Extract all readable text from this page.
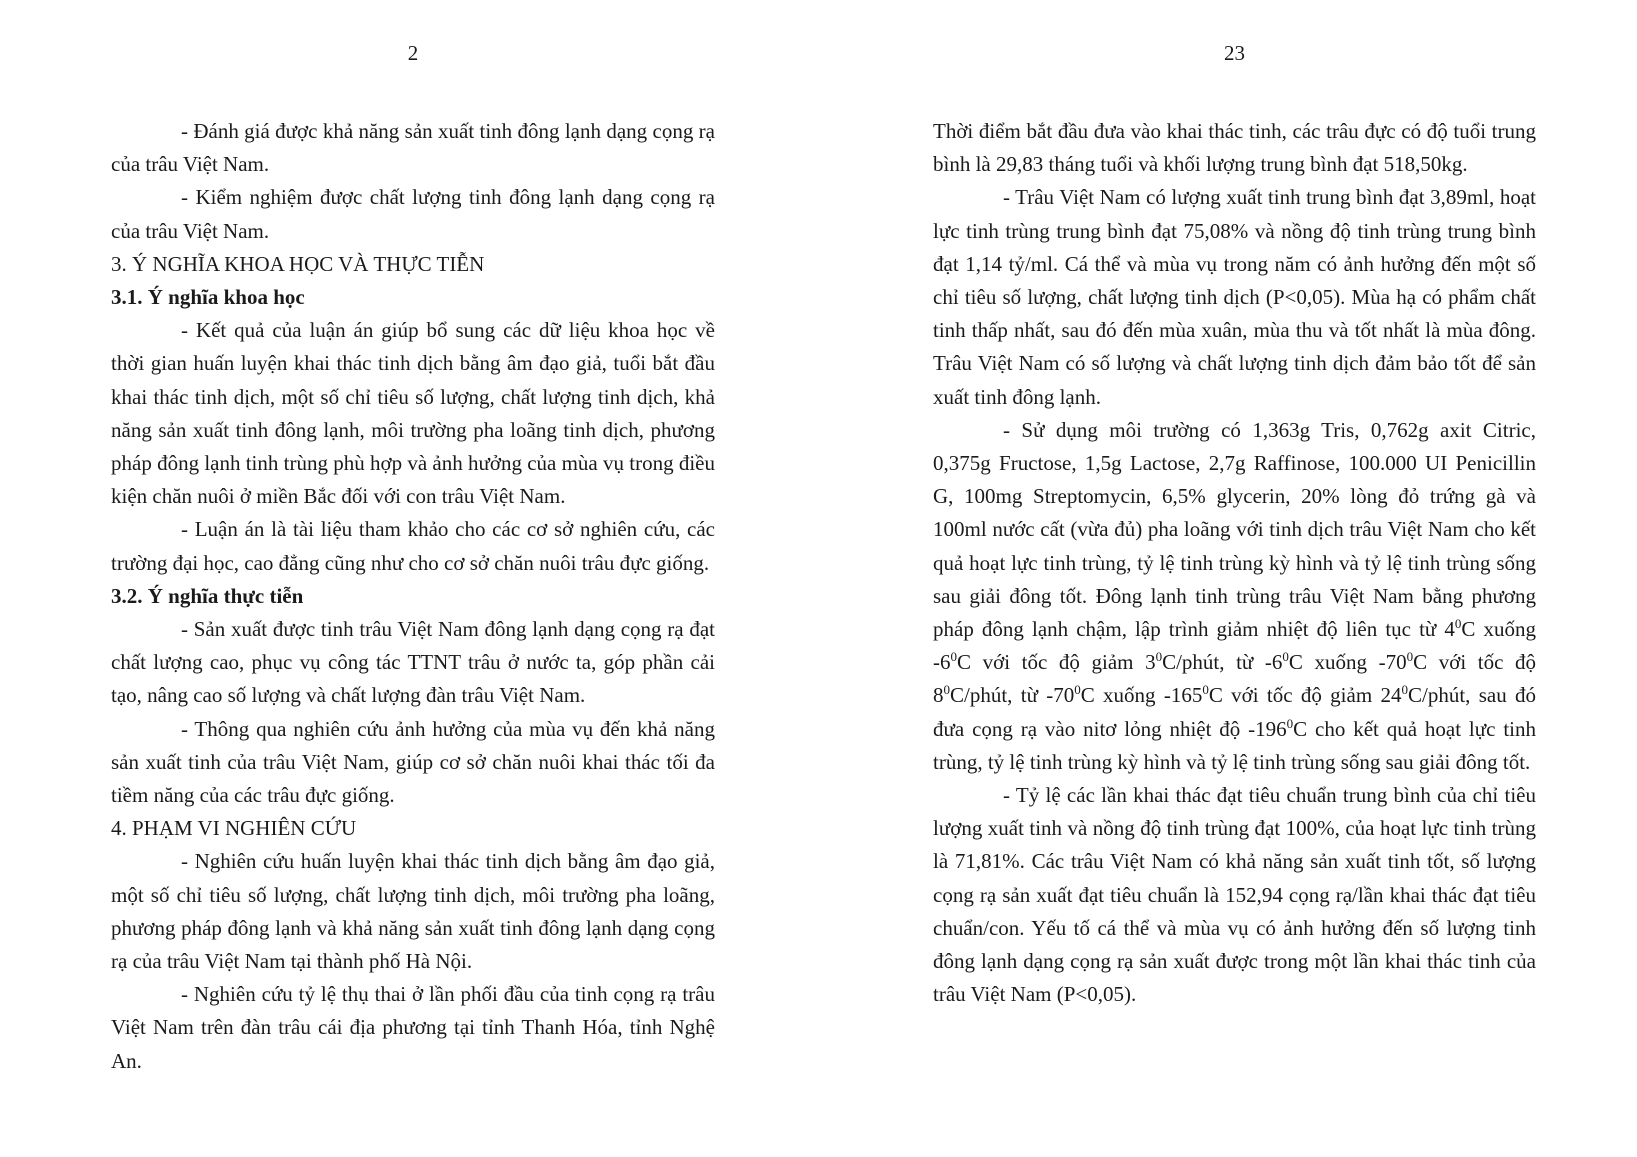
2

- Đánh giá được khả năng sản xuất tinh đông lạnh dạng cọng rạ của trâu Việt Nam.

- Kiểm nghiệm được chất lượng tinh đông lạnh dạng cọng rạ của trâu Việt Nam.

3. Ý NGHĨA KHOA HỌC VÀ THỰC TIỄN

3.1. Ý nghĩa khoa học

- Kết quả của luận án giúp bổ sung các dữ liệu khoa học về thời gian huấn luyện khai thác tinh dịch bằng âm đạo giả, tuổi bắt đầu khai thác tinh dịch, một số chỉ tiêu số lượng, chất lượng tinh dịch, khả năng sản xuất tinh đông lạnh, môi trường pha loãng tinh dịch, phương pháp đông lạnh tinh trùng phù hợp và ảnh hưởng của mùa vụ trong điều kiện chăn nuôi ở miền Bắc đối với con trâu Việt Nam.

- Luận án là tài liệu tham khảo cho các cơ sở nghiên cứu, các trường đại học, cao đẳng cũng như cho cơ sở chăn nuôi trâu đực giống.

3.2. Ý nghĩa thực tiễn

- Sản xuất được tinh trâu Việt Nam đông lạnh dạng cọng rạ đạt chất lượng cao, phục vụ công tác TTNT trâu ở nước ta, góp phần cải tạo, nâng cao số lượng và chất lượng đàn trâu Việt Nam.

- Thông qua nghiên cứu ảnh hưởng của mùa vụ đến khả năng sản xuất tinh của trâu Việt Nam, giúp cơ sở chăn nuôi khai thác tối đa tiềm năng của các trâu đực giống.

4. PHẠM VI NGHIÊN CỨU

- Nghiên cứu huấn luyện khai thác tinh dịch bằng âm đạo giả, một số chỉ tiêu số lượng, chất lượng tinh dịch, môi trường pha loãng, phương pháp đông lạnh và khả năng sản xuất tinh đông lạnh dạng cọng rạ của trâu Việt Nam tại thành phố Hà Nội.

- Nghiên cứu tỷ lệ thụ thai ở lần phối đầu của tinh cọng rạ trâu Việt Nam trên đàn trâu cái địa phương tại tỉnh Thanh Hóa, tỉnh Nghệ An.

23

Thời điểm bắt đầu đưa vào khai thác tinh, các trâu đực có độ tuổi trung bình là 29,83 tháng tuổi và khối lượng trung bình đạt 518,50kg.

- Trâu Việt Nam có lượng xuất tinh trung bình đạt 3,89ml, hoạt lực tinh trùng trung bình đạt 75,08% và nồng độ tinh trùng trung bình đạt 1,14 tỷ/ml. Cá thể và mùa vụ trong năm có ảnh hưởng đến một số chỉ tiêu số lượng, chất lượng tinh dịch (P<0,05). Mùa hạ có phẩm chất tinh thấp nhất, sau đó đến mùa xuân, mùa thu và tốt nhất là mùa đông. Trâu Việt Nam có số lượng và chất lượng tinh dịch đảm bảo tốt để sản xuất tinh đông lạnh.

- Sử dụng môi trường có 1,363g Tris, 0,762g axit Citric, 0,375g Fructose, 1,5g Lactose, 2,7g Raffinose, 100.000 UI Penicillin G, 100mg Streptomycin, 6,5% glycerin, 20% lòng đỏ trứng gà và 100ml nước cất (vừa đủ) pha loãng với tinh dịch trâu Việt Nam cho kết quả hoạt lực tinh trùng, tỷ lệ tinh trùng kỳ hình và tỷ lệ tinh trùng sống sau giải đông tốt. Đông lạnh tinh trùng trâu Việt Nam bằng phương pháp đông lạnh chậm, lập trình giảm nhiệt độ liên tục từ $4^0C$ xuống $-6^0C$ với tốc độ giảm $3^0C$/phút, từ $-6^0C$ xuống $-70^0C$ với tốc độ $8^0C$/phút, từ $-70^0C$ xuống $-165^0C$ với tốc độ giảm $24^0C$/phút, sau đó đưa cọng rạ vào nitơ lỏng nhiệt độ $-196^0C$ cho kết quả hoạt lực tinh trùng, tỷ lệ tinh trùng kỳ hình và tỷ lệ tinh trùng sống sau giải đông tốt.

- Tỷ lệ các lần khai thác đạt tiêu chuẩn trung bình của chỉ tiêu lượng xuất tinh và nồng độ tinh trùng đạt 100%, của hoạt lực tinh trùng là 71,81%. Các trâu Việt Nam có khả năng sản xuất tinh tốt, số lượng cọng rạ sản xuất đạt tiêu chuẩn là 152,94 cọng rạ/lần khai thác đạt tiêu chuẩn/con. Yếu tố cá thể và mùa vụ có ảnh hưởng đến số lượng tinh đông lạnh dạng cọng rạ sản xuất được trong một lần khai thác tinh của trâu Việt Nam (P<0,05).
